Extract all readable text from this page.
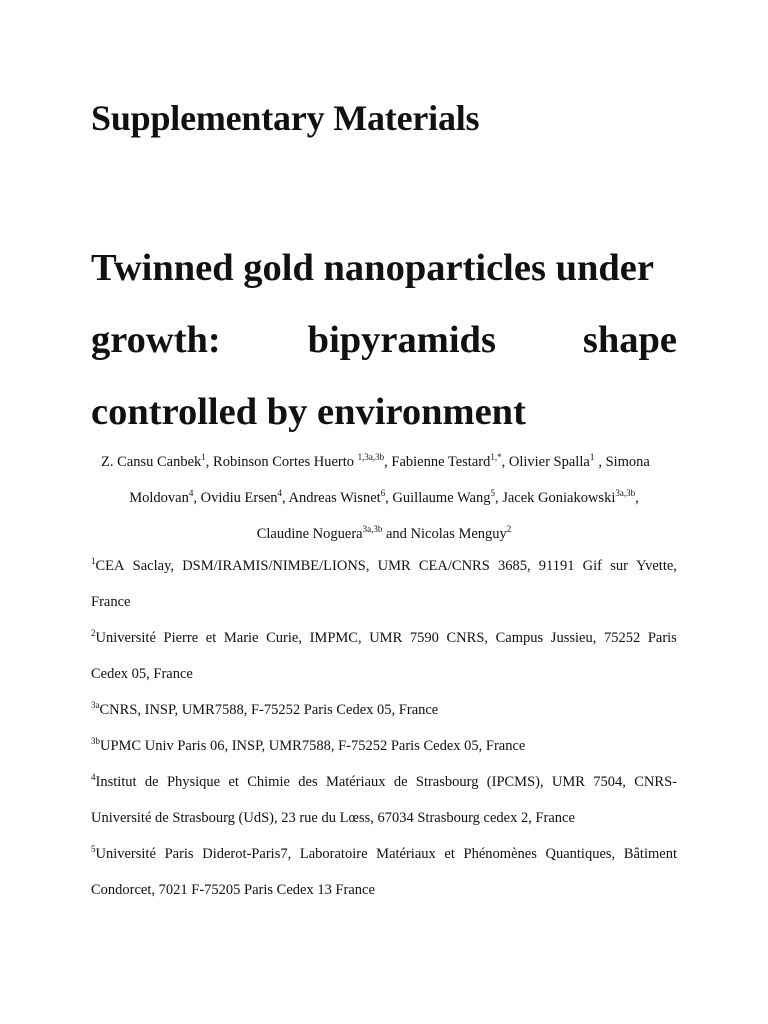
Supplementary Materials
Twinned gold nanoparticles under
growth: bipyramids shape
controlled by environment
Z. Cansu Canbek$^1$ , Robinson Cortes Huerto $^{1,3a,3b}$ , Fabienne Testard$^{1,*}$ , Olivier Spalla$^1$ , Simona
Moldovan$^4$, Ovidiu Ersen$^4$, Andreas Wisnet$^6$, Guillaume Wang$^5$, Jacek Goniakowski$^{3a,3b}$,
Claudine Noguera$^{3a,3b}$ and Nicolas Menguy$^2$
$^1$CEA Saclay, DSM/IRAMIS/NIMBE/LIONS, UMR CEA/CNRS 3685, 91191 Gif sur Yvette,
France
$^2$Université Pierre et Marie Curie, IMPMC, UMR 7590 CNRS, Campus Jussieu, 75252 Paris
Cedex 05, France
$^{3a}$CNRS, INSP, UMR7588, F-75252 Paris Cedex 05, France
$^{3b}$UPMC Univ Paris 06, INSP, UMR7588, F-75252 Paris Cedex 05, France
$^4$Institut de Physique et Chimie des Matériaux de Strasbourg (IPCMS), UMR 7504, CNRS-
Université de Strasbourg (UdS), 23 rue du Lœss, 67034 Strasbourg cedex 2, France
$^5$Université Paris Diderot-Paris7, Laboratoire Matériaux et Phénomènes Quantiques, Bâtiment
Condorcet, 7021 F-75205 Paris Cedex 13 France
